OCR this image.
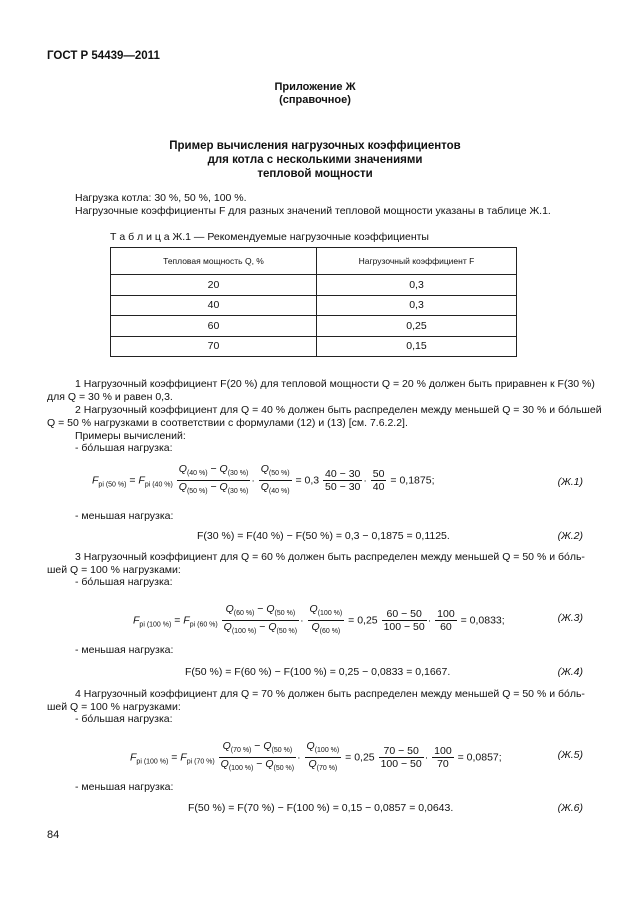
ГОСТ Р 54439—2011
Приложение Ж
(справочное)
Пример вычисления нагрузочных коэффициентов
для котла с несколькими значениями
тепловой мощности
Нагрузка котла: 30 %, 50 %, 100 %.
Нагрузочные коэффициенты F для разных значений тепловой мощности указаны в таблице Ж.1.
Т а б л и ц а Ж.1 — Рекомендуемые нагрузочные коэффициенты
Тепловая мощность Q, %	Нагрузочный коэффициент F
20	0,3
40	0,3
60	0,25
70	0,15
1 Нагрузочный коэффициент F(20 %) для тепловой мощности Q = 20 % должен быть приравнен к F(30 %)
для Q = 30 % и равен 0,3.
2 Нагрузочный коэффициент для Q = 40 % должен быть распределен между меньшей Q = 30 % и бо́льшей
Q = 50 % нагрузками в соответствии с формулами (12) и (13) [см. 7.6.2.2].
Примеры вычислений:
- бо́льшая нагрузка:
$F_{pi (50 \%)} = F_{pi (40 \%)} \frac{Q_{(40 \%)} - Q_{(30 \%)}}{Q_{(50 \%)} - Q_{(30 \%)}} \cdot \frac{Q_{(50 \%)}}{Q_{(40 \%)}} = 0,3 \frac{40 - 30}{50 - 30} \cdot \frac{50}{40} = 0,1875$;	(Ж.1)
- меньшая нагрузка:
F(30 %) = F(40 %) − F(50 %) = 0,3 − 0,1875 = 0,1125.	(Ж.2)
3 Нагрузочный коэффициент для Q = 60 % должен быть распределен между меньшей Q = 50 % и бо́ль-
шей Q = 100 % нагрузками:
- бо́льшая нагрузка:
$F_{pi (100 \%)} = F_{pi (60 \%)} \frac{Q_{(60 \%)} - Q_{(50 \%)}}{Q_{(100 \%)} - Q_{(50 \%)}} \cdot \frac{Q_{(100 \%)}}{Q_{(60 \%)}} = 0,25 \frac{60 - 50}{100 - 50} \cdot \frac{100}{60} = 0,0833$;	(Ж.3)
- меньшая нагрузка:
F(50 %) = F(60 %) − F(100 %) = 0,25 − 0,0833 = 0,1667.	(Ж.4)
4 Нагрузочный коэффициент для Q = 70 % должен быть распределен между меньшей Q = 50 % и бо́ль-
шей Q = 100 % нагрузками:
- бо́льшая нагрузка:
$F_{pi (100 \%)} = F_{pi (70 \%)} \frac{Q_{(70 \%)} - Q_{(50 \%)}}{Q_{(100 \%)} - Q_{(50 \%)}} \cdot \frac{Q_{(100 \%)}}{Q_{(70 \%)}} = 0,25 \frac{70 - 50}{100 - 50} \cdot \frac{100}{70} = 0,0857$;	(Ж.5)
- меньшая нагрузка:
F(50 %) = F(70 %) − F(100 %) = 0,15 − 0,0857 = 0,0643.	(Ж.6)
84
